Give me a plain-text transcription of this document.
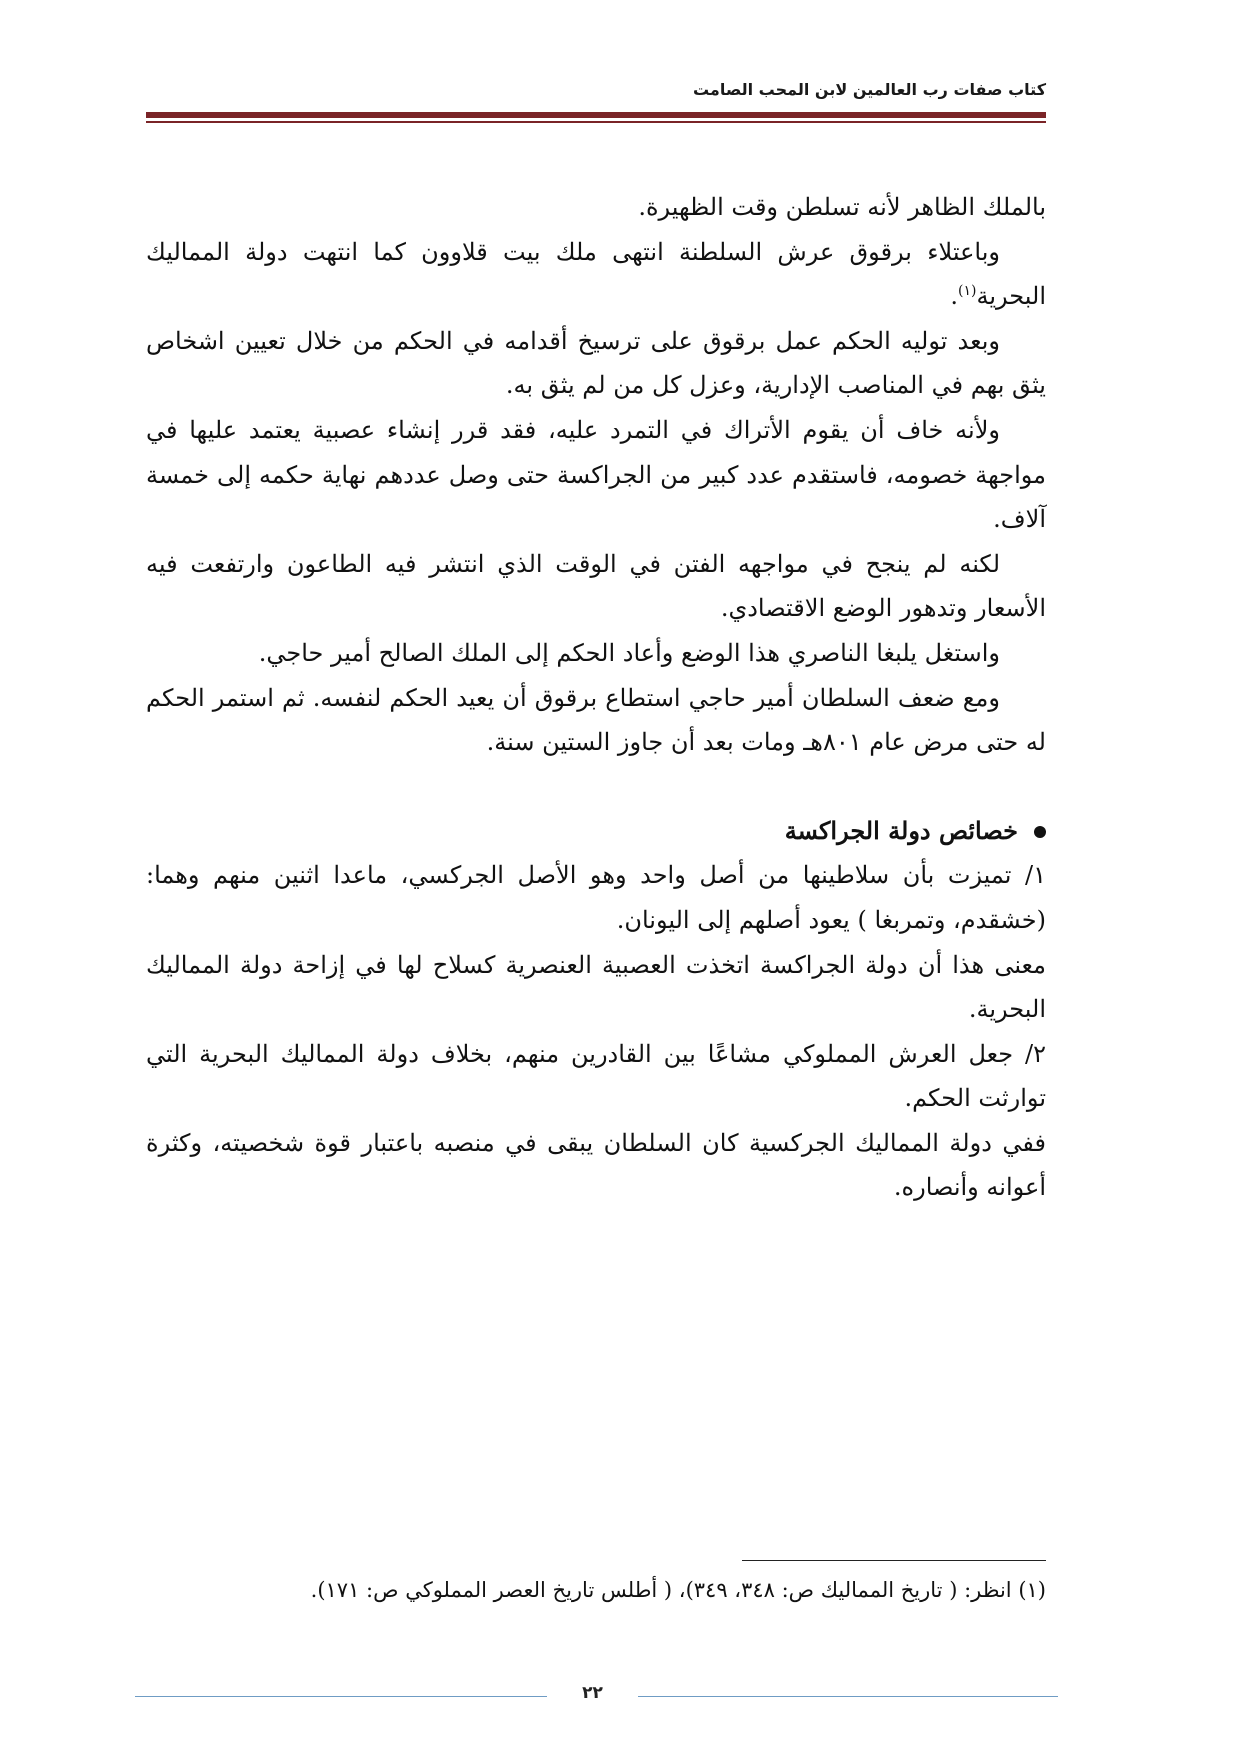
كتاب صفات رب العالمين لابن المحب الصامت

بالملك الظاهر لأنه تسلطن وقت الظهيرة.

وباعتلاء برقوق عرش السلطنة انتهى ملك بيت قلاوون كما انتهت دولة المماليك البحرية$^{(١)}$.

وبعد توليه الحكم عمل برقوق على ترسيخ أقدامه في الحكم من خلال تعيين اشخاص يثق بهم في المناصب الإدارية، وعزل كل من لم يثق به.

ولأنه خاف أن يقوم الأتراك في التمرد عليه، فقد قرر إنشاء عصبية يعتمد عليها في مواجهة خصومه، فاستقدم عدد كبير من الجراكسة حتى وصل عددهم نهاية حكمه إلى خمسة آلاف.

لكنه لم ينجح في مواجهه الفتن في الوقت الذي انتشر فيه الطاعون وارتفعت فيه الأسعار وتدهور الوضع الاقتصادي.

واستغل يلبغا الناصري هذا الوضع وأعاد الحكم إلى الملك الصالح أمير حاجي.

ومع ضعف السلطان أمير حاجي استطاع برقوق أن يعيد الحكم لنفسه. ثم استمر الحكم له حتى مرض عام ٨٠١هـ ومات بعد أن جاوز الستين سنة.

خصائص دولة الجراكسة

١/ تميزت بأن سلاطينها من أصل واحد وهو الأصل الجركسي، ماعدا اثنين منهم وهما: (خشقدم، وتمربغا ) يعود أصلهم إلى اليونان.

معنى هذا أن دولة الجراكسة اتخذت العصبية العنصرية كسلاح لها في إزاحة دولة المماليك البحرية.

٢/ جعل العرش المملوكي مشاعًا بين القادرين منهم، بخلاف دولة المماليك البحرية التي توارثت الحكم.

ففي دولة المماليك الجركسية كان السلطان يبقى في منصبه باعتبار قوة شخصيته، وكثرة أعوانه وأنصاره.

(١) انظر: ( تاريخ المماليك ص: ٣٤٨، ٣٤٩)، ( أطلس تاريخ العصر المملوكي ص: ١٧١).
٢٢
